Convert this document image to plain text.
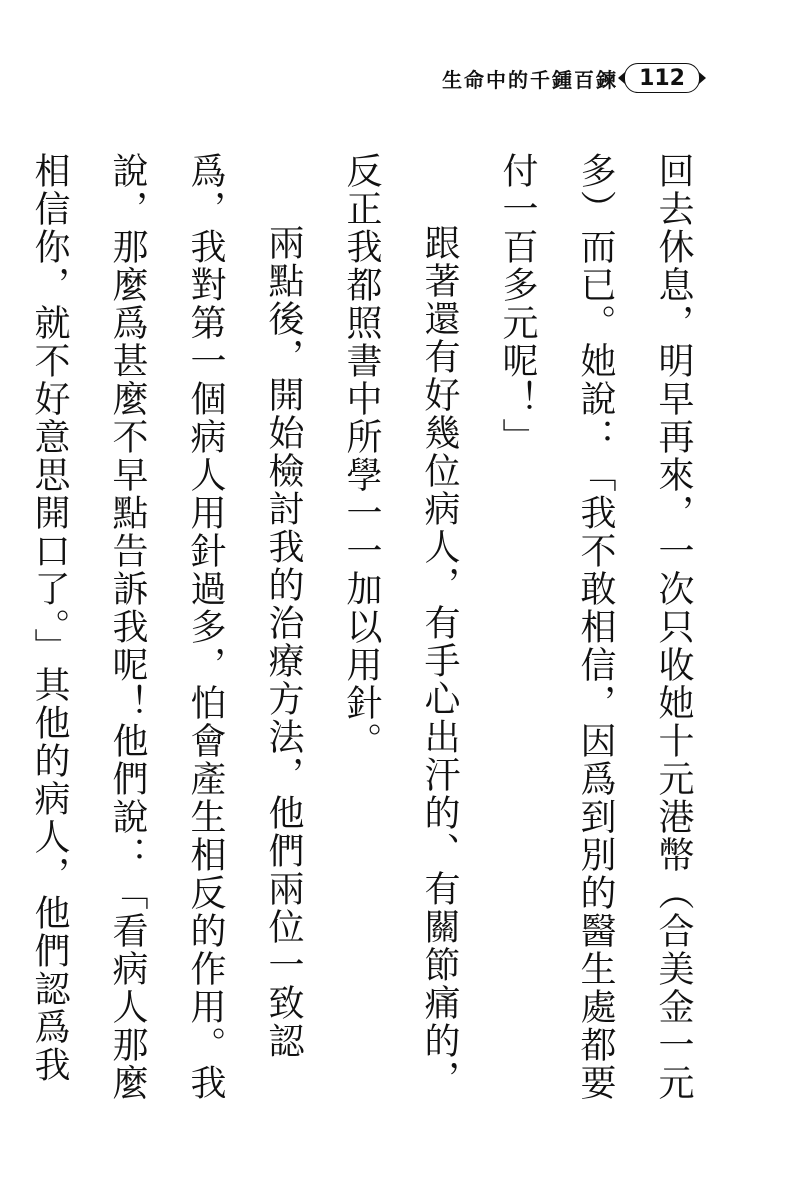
生命中的千鍾百鍊 112

回去休息，明早再來，一次只收她十元港幣（合美金一元多）而已。她說：「我不敢相信，因爲到別的醫生處都要付一百多元呢！」

跟著還有好幾位病人，有手心出汗的、有關節痛的，反正我都照書中所學一一加以用針。

兩點後，開始檢討我的治療方法，他們兩位一致認爲，我對第一個病人用針過多，怕會產生相反的作用。我說，那麼爲甚麼不早點告訴我呢！他們說：「看病人那麼相信你，就不好意思開口了。」其他的病人，他們認爲我
